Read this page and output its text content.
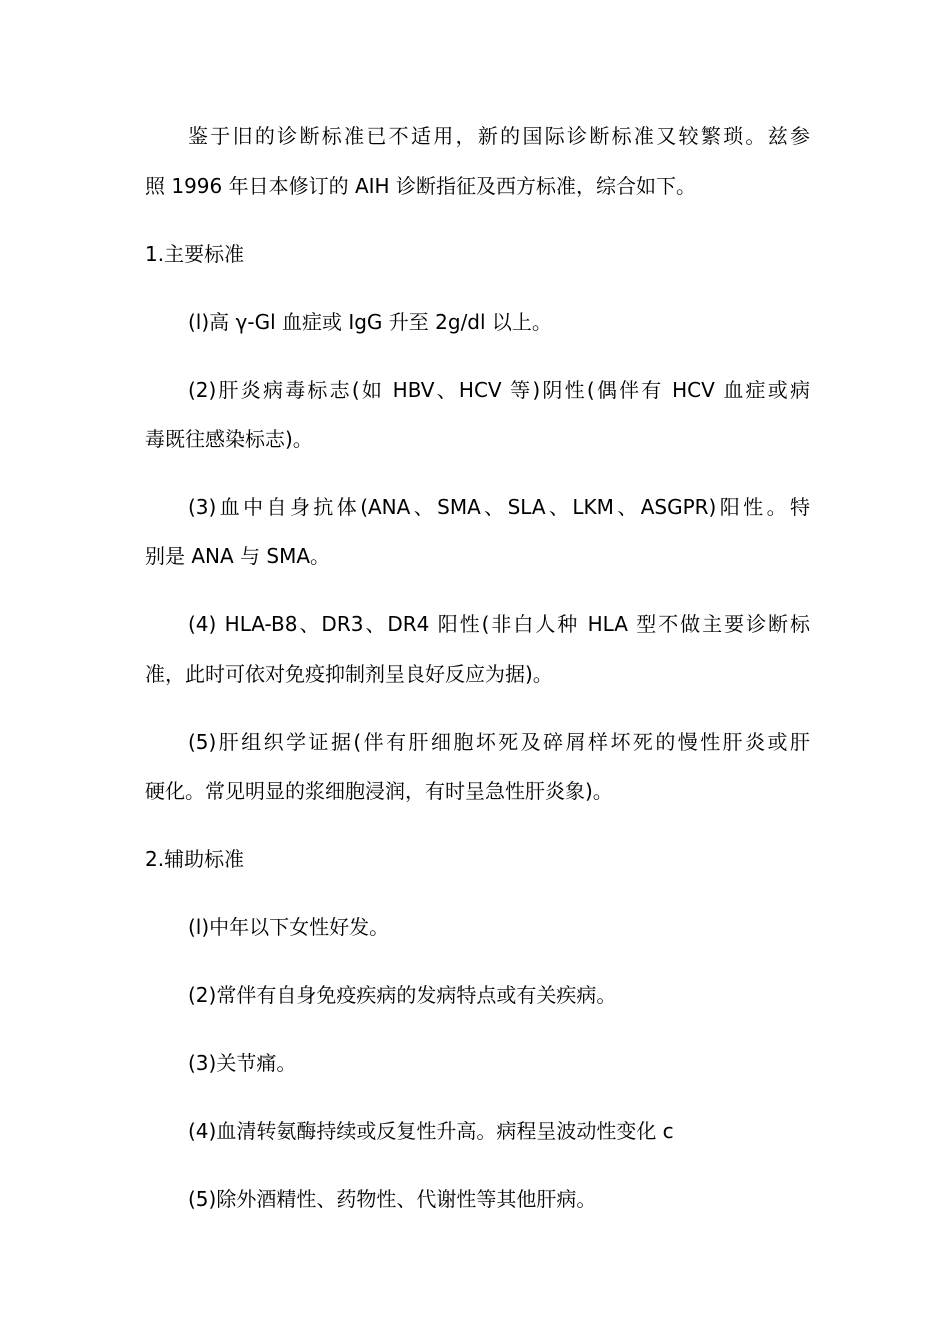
鉴于旧的诊断标准已不适用，新的国际诊断标准又较繁琐。兹参
照 1996 年日本修订的 AIH 诊断指征及西方标准，综合如下。
1.主要标准
(l)高 γ-Gl 血症或 IgG 升至 2g/dl 以上。
(2)肝炎病毒标志(如 HBV、HCV 等)阴性(偶伴有 HCV 血症或病
毒既往感染标志)。
(3)血中自身抗体(ANA、SMA、SLA、LKM、ASGPR)阳性。特
别是 ANA 与 SMA。
(4) HLA-B8、DR3、DR4 阳性(非白人种 HLA 型不做主要诊断标
准，此时可依对免疫抑制剂呈良好反应为据)。
(5)肝组织学证据(伴有肝细胞坏死及碎屑样坏死的慢性肝炎或肝
硬化。常见明显的浆细胞浸润，有时呈急性肝炎象)。
2.辅助标准
(l)中年以下女性好发。
(2)常伴有自身免疫疾病的发病特点或有关疾病。
(3)关节痛。
(4)血清转氨酶持续或反复性升高。病程呈波动性变化 c
(5)除外酒精性、药物性、代谢性等其他肝病。
